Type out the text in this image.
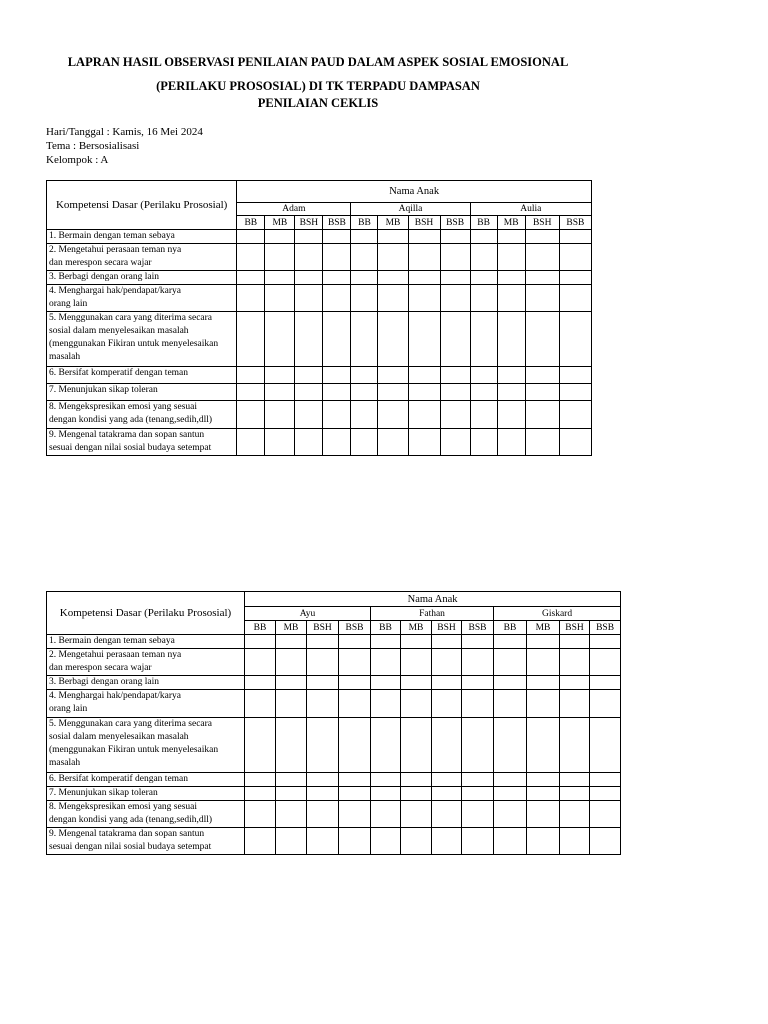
LAPRAN HASIL OBSERVASI PENILAIAN PAUD DALAM ASPEK SOSIAL EMOSIONAL
(PERILAKU PROSOSIAL) DI TK TERPADU DAMPASAN
PENILAIAN CEKLIS
Hari/Tanggal : Kamis, 16 Mei 2024
Tema : Bersosialisasi
Kelompok : A
Kompetensi Dasar (Perilaku Prososial)	Nama Anak											
	Adam				Aqilla				Aulia			
	BB	MB	BSH	BSB	BB	MB	BSH	BSB	BB	MB	BSH	BSB

1. Bermain dengan teman sebaya												

2. Mengetahui perasaan teman nya
dan merespon secara wajar												

3. Berbagi dengan orang lain												

4. Menghargai hak/pendapat/karya
orang lain												

5. Menggunakan cara yang diterima secara
sosial dalam menyelesaikan masalah
(menggunakan Fikiran untuk menyelesaikan
masalah												

6. Bersifat komperatif dengan teman												

7. Menunjukan sikap toleran												

8. Mengekspresikan emosi yang sesuai
dengan kondisi yang ada (tenang,sedih,dll)												

9. Mengenal tatakrama dan sopan santun
sesuai dengan nilai sosial budaya setempat												

Kompetensi Dasar (Perilaku Prososial)	Nama Anak											
	Ayu				Fathan				Giskard			
	BB	MB	BSH	BSB	BB	MB	BSH	BSB	BB	MB	BSH	BSB

1. Bermain dengan teman sebaya												

2. Mengetahui perasaan teman nya
dan merespon secara wajar												

3. Berbagi dengan orang lain												

4. Menghargai hak/pendapat/karya
orang lain												

5. Menggunakan cara yang diterima secara
sosial dalam menyelesaikan masalah
(menggunakan Fikiran untuk menyelesaikan
masalah												

6. Bersifat komperatif dengan teman												

7. Menunjukan sikap toleran												

8. Mengekspresikan emosi yang sesuai
dengan kondisi yang ada (tenang,sedih,dll)												

9. Mengenal tatakrama dan sopan santun
sesuai dengan nilai sosial budaya setempat												
